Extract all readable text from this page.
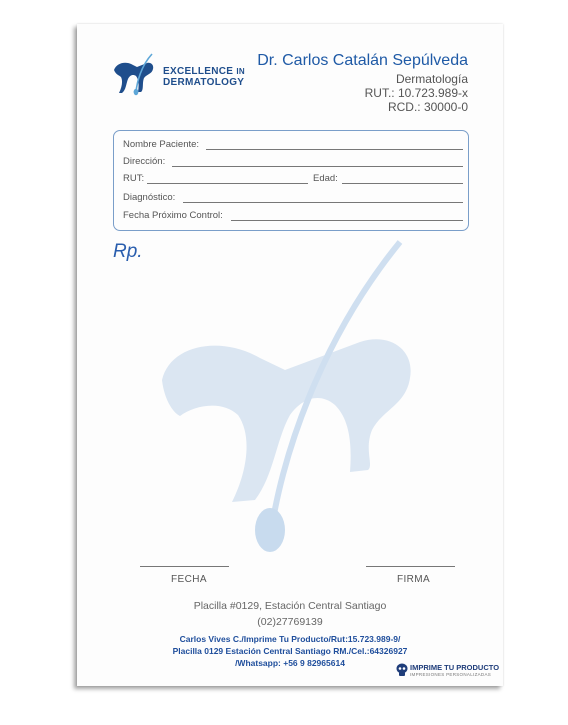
EXCELLENCE IN
DERMATOLOGY
Dr. Carlos Catalán Sepúlveda
Dermatología
RUT.: 10.723.989-x
RCD.: 30000-0
Nombre Paciente:
Dirección:
RUT:	Edad:
Diagnóstico:
Fecha Próximo Control:
Rp.
FECHA	FIRMA
Placilla #0129, Estación Central Santiago
(02)27769139
Carlos Vives C./Imprime Tu Producto/Rut:15.723.989-9/
Placilla 0129 Estación Central Santiago RM./Cel.:64326927
/Whatsapp: +56 9 82965614	IMPRIME TU PRODUCTO
IMPRESIONES PERSONALIZADAS
